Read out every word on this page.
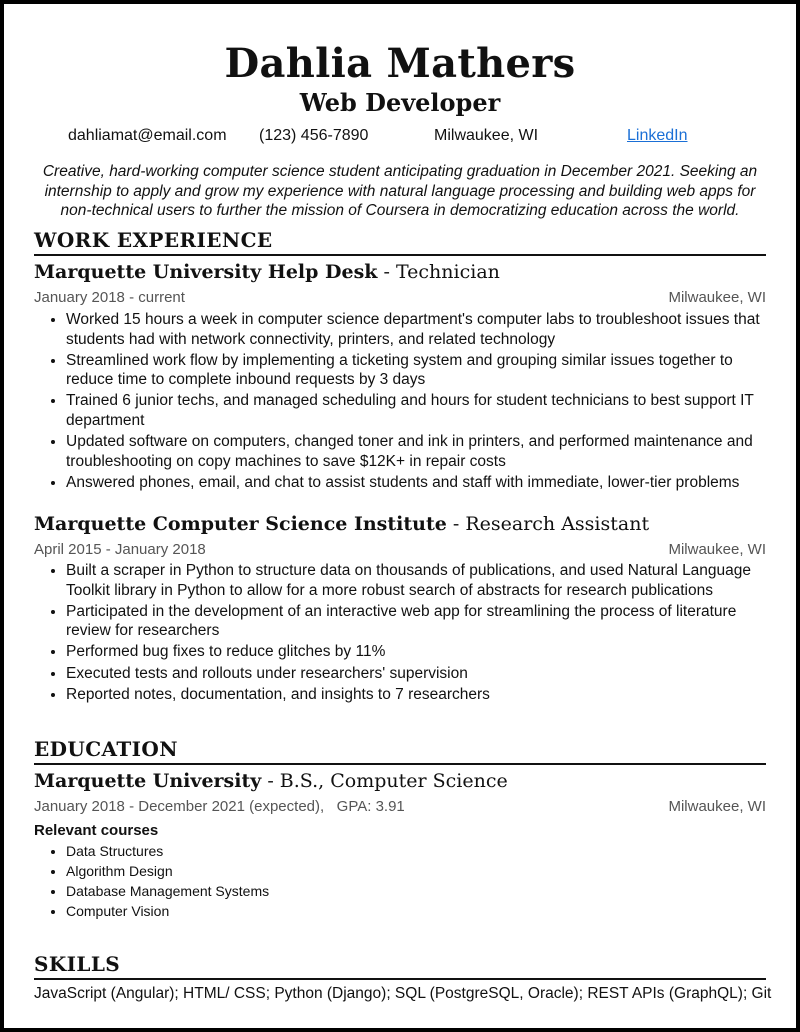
Dahlia Mathers
Web Developer
dahliamat@email.com (123) 456-7890	Milwaukee, WI	LinkedIn
Creative, hard-working computer science student anticipating graduation in December 2021. Seeking an internship to apply and grow my experience with natural language processing and building web apps for non-technical users to further the mission of Coursera in democratizing education across the world.
WORK EXPERIENCE
Marquette University Help Desk - Technician
January 2018 - current	Milwaukee, WI
• Worked 15 hours a week in computer science department's computer labs to troubleshoot issues that students had with network connectivity, printers, and related technology
• Streamlined work flow by implementing a ticketing system and grouping similar issues together to reduce time to complete inbound requests by 3 days
• Trained 6 junior techs, and managed scheduling and hours for student technicians to best support IT department
• Updated software on computers, changed toner and ink in printers, and performed maintenance and troubleshooting on copy machines to save $12K+ in repair costs
• Answered phones, email, and chat to assist students and staff with immediate, lower-tier problems
Marquette Computer Science Institute - Research Assistant
April 2015 - January 2018	Milwaukee, WI
• Built a scraper in Python to structure data on thousands of publications, and used Natural Language Toolkit library in Python to allow for a more robust search of abstracts for research publications
• Participated in the development of an interactive web app for streamlining the process of literature review for researchers
• Performed bug fixes to reduce glitches by 11%
• Executed tests and rollouts under researchers' supervision
• Reported notes, documentation, and insights to 7 researchers
EDUCATION
Marquette University - B.S., Computer Science
January 2018 - December 2021 (expected),   GPA: 3.91	Milwaukee, WI
Relevant courses
• Data Structures
• Algorithm Design
• Database Management Systems
• Computer Vision
SKILLS
JavaScript (Angular); HTML/ CSS; Python (Django); SQL (PostgreSQL, Oracle); REST APIs (GraphQL); Git
